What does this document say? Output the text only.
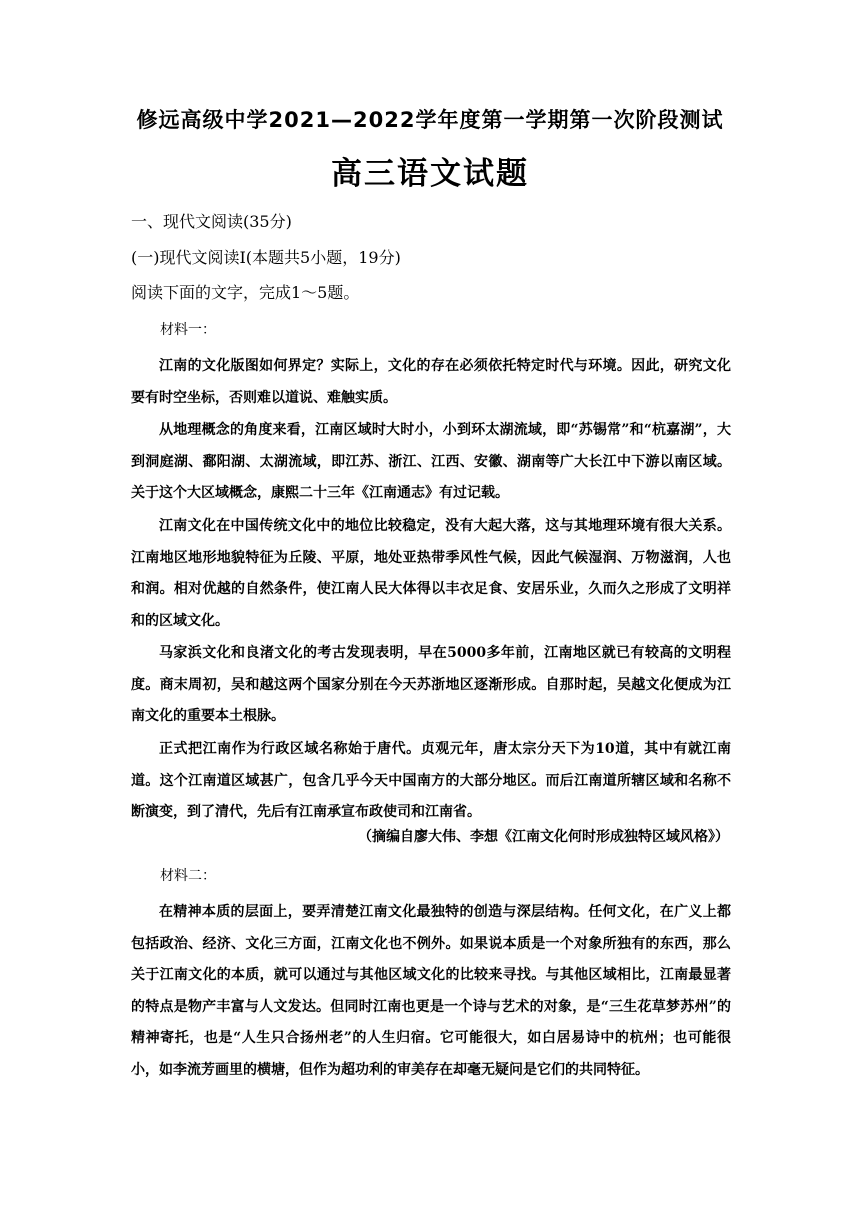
修远高级中学2021—2022学年度第一学期第一次阶段测试
高三语文试题
一、现代文阅读(35分)
(一)现代文阅读Ⅰ(本题共5小题，19分)
阅读下面的文字，完成1～5题。
材料一：

江南的文化版图如何界定？实际上，文化的存在必须依托特定时代与环境。因此，研究文化要有时空坐标，否则难以道说、难触实质。

从地理概念的角度来看，江南区域时大时小，小到环太湖流域，即“苏锡常”和“杭嘉湖”，大到洞庭湖、鄱阳湖、太湖流域，即江苏、浙江、江西、安徽、湖南等广大长江中下游以南区域。关于这个大区域概念，康熙二十三年《江南通志》有过记载。

江南文化在中国传统文化中的地位比较稳定，没有大起大落，这与其地理环境有很大关系。江南地区地形地貌特征为丘陵、平原，地处亚热带季风性气候，因此气候湿润、万物滋润，人也和润。相对优越的自然条件，使江南人民大体得以丰衣足食、安居乐业，久而久之形成了文明祥和的区域文化。

马家浜文化和良渚文化的考古发现表明，早在5000多年前，江南地区就已有较高的文明程度。商末周初，吴和越这两个国家分别在今天苏浙地区逐渐形成。自那时起，吴越文化便成为江南文化的重要本土根脉。

正式把江南作为行政区域名称始于唐代。贞观元年，唐太宗分天下为10道，其中有就江南道。这个江南道区域甚广，包含几乎今天中国南方的大部分地区。而后江南道所辖区域和名称不断演变，到了清代，先后有江南承宣布政使司和江南省。

（摘编自廖大伟、李想《江南文化何时形成独特区域风格》）
材料二：

在精神本质的层面上，要弄清楚江南文化最独特的创造与深层结构。任何文化，在广义上都包括政治、经济、文化三方面，江南文化也不例外。如果说本质是一个对象所独有的东西，那么关于江南文化的本质，就可以通过与其他区域文化的比较来寻找。与其他区域相比，江南最显著的特点是物产丰富与人文发达。但同时江南也更是一个诗与艺术的对象，是“三生花草梦苏州”的精神寄托，也是“人生只合扬州老”的人生归宿。它可能很大，如白居易诗中的杭州；也可能很小，如李流芳画里的横塘，但作为超功利的审美存在却毫无疑问是它们的共同特征。
